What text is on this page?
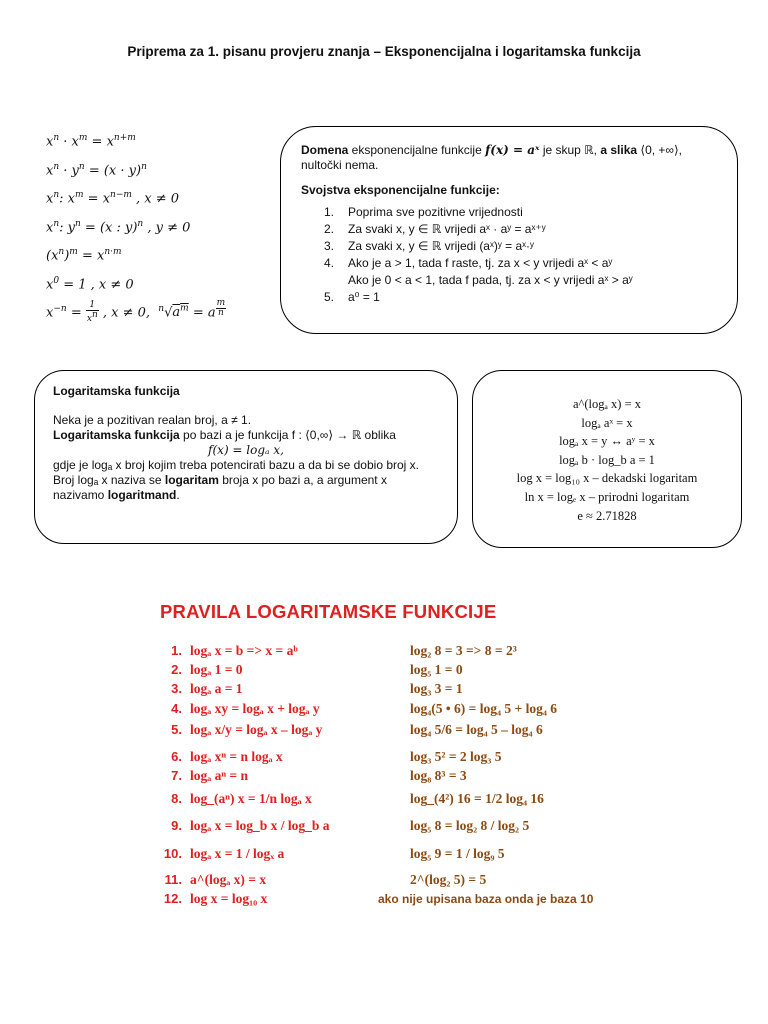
Priprema za 1. pisanu provjeru znanja – Eksponencijalna i logaritamska funkcija
$x^n \cdot x^m = x^{n+m}$
$x^n \cdot y^n = (x \cdot y)^n$
$x^n$: $x^m = x^{n-m}$ , x ≠ 0
$x^n$: $y^n = (x$ : y)$^n$ , y ≠ 0
$(x^n)^m = x^{n\cdot m}$
$x^0 = 1$ , x ≠ 0
$x^{-n} = \frac{1}{x^n}$ , x ≠ 0,  $^n√a^m = a$ $^{\frac{m}{n}}$

Domena eksponencijalne funkcije f(x) = aˣ je skup ℝ, a slika ⟨0, +∞⟩, nultočki nema.

Svojstva eksponencijalne funkcije:

1. Poprima sve pozitivne vrijednosti
2. Za svaki x, y ∈ ℝ vrijedi aˣ · aʸ = aˣ⁺ʸ
3. Za svaki x, y ∈ ℝ vrijedi (aˣ)ʸ = aˣ·ʸ
4. Ako je a > 1, tada f raste, tj. za x < y vrijedi aˣ < aʸ
Ako je 0 < a < 1, tada f pada, tj. za x < y vrijedi aˣ > aʸ
5. a⁰ = 1
Logaritamska funkcija
Neka je a pozitivan realan broj, a ≠ 1.
Logaritamska funkcija po bazi a je funkcija f : ⟨0,∞⟩ → ℝ oblika
f(x) = logₐ x,
gdje je logₐ x broj kojim treba potencirati bazu a da bi se dobio broj x.
Broj logₐ x naziva se logaritam broja x po bazi a, a argument x nazivamo logaritmand.
a^(logₐ x) = x
logₐ aˣ = x
logₐ x = y ↔ aʸ = x
logₐ b · log_b a = 1
log x = log₁₀ x – dekadski logaritam
ln x = logₑ x – prirodni logaritam
e ≈ 2.71828
PRAVILA LOGARITAMSKE FUNKCIJE
1. logₐ x = b => x = aᵇ	log₂ 8 = 3 => 8 = 2³
2. logₐ 1 = 0	log₅ 1 = 0
3. logₐ a = 1	log₃ 3 = 1
4. logₐ xy = logₐ x + logₐ y	log₄(5 • 6) = log₄ 5 + log₄ 6
5. logₐ x/y = logₐ x – logₐ y	log₄ 5/6 = log₄ 5 – log₄ 6
6. logₐ xⁿ = n logₐ x	log₃ 5² = 2 log₃ 5
7. logₐ aⁿ = n	log₈ 8³ = 3
8. log_(aⁿ) x = 1/n logₐ x	log_(4²) 16 = 1/2 log₄ 16
9. logₐ x = log_b x / log_b a	log₅ 8 = log₂ 8 / log₂ 5
10. logₐ x = 1 / logₓ a	log₅ 9 = 1 / log₉ 5
11. a^(logₐ x) = x	2^(log₂ 5) = 5
12. log x = log₁₀ x	ako nije upisana baza onda je baza 10
